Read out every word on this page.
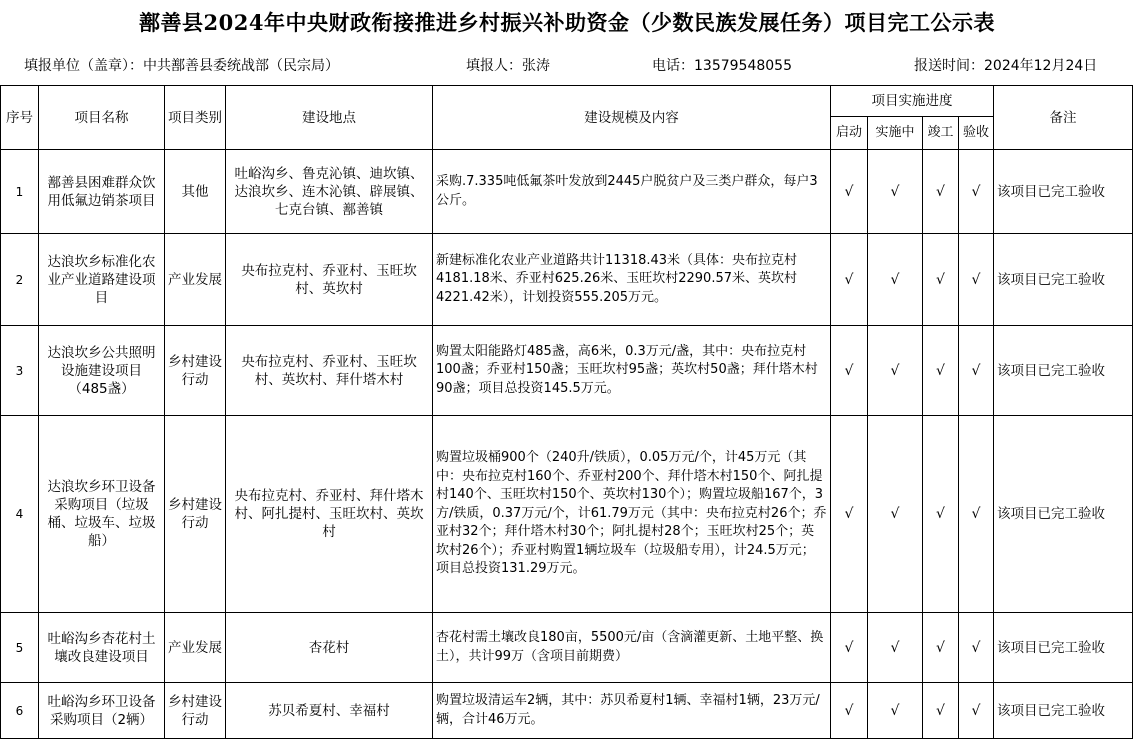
鄯善县2024年中央财政衔接推进乡村振兴补助资金（少数民族发展任务）项目完工公示表
填报单位（盖章）：中共鄯善县委统战部（民宗局）	填报人：张涛	电话：13579548055	报送时间：2024年12月24日
序号	项目名称	项目类别	建设地点	建设规模及内容	项目实施进度				备注
					启动	实施中	竣工	验收	
1	鄯善县困难群众饮用低氟边销茶项目	其他	吐峪沟乡、鲁克沁镇、迪坎镇、达浪坎乡、连木沁镇、辟展镇、七克台镇、鄯善镇	采购.7.335吨低氟茶叶发放到2445户脱贫户及三类户群众，每户3公斤。	√	√	√	√	该项目已完工验收
2	达浪坎乡标准化农业产业道路建设项目	产业发展	央布拉克村、乔亚村、玉旺坎村、英坎村	新建标准化农业产业道路共计11318.43米（具体：央布拉克村4181.18米、乔亚村625.26米、玉旺坎村2290.57米、英坎村4221.42米），计划投资555.205万元。	√	√	√	√	该项目已完工验收
3	达浪坎乡公共照明设施建设项目（485盏）	乡村建设行动	央布拉克村、乔亚村、玉旺坎村、英坎村、拜什塔木村	购置太阳能路灯485盏，高6米，0.3万元/盏，其中：央布拉克村100盏；乔亚村150盏；玉旺坎村95盏；英坎村50盏；拜什塔木村90盏；项目总投资145.5万元。	√	√	√	√	该项目已完工验收
4	达浪坎乡环卫设备采购项目（垃圾桶、垃圾车、垃圾船）	乡村建设行动	央布拉克村、乔亚村、拜什塔木村、阿扎提村、玉旺坎村、英坎村	购置垃圾桶900个（240升/铁质），0.05万元/个，计45万元（其中：央布拉克村160个、乔亚村200个、拜什塔木村150个、阿扎提村140个、玉旺坎村150个、英坎村130个）；购置垃圾船167个，3方/铁质，0.37万元/个，计61.79万元（其中：央布拉克村26个；乔亚村32个；拜什塔木村30个；阿扎提村28个；玉旺坎村25个；英坎村26个）；乔亚村购置1辆垃圾车（垃圾船专用），计24.5万元；项目总投资131.29万元。	√	√	√	√	该项目已完工验收
5	吐峪沟乡杏花村土壤改良建设项目	产业发展	杏花村	杏花村需土壤改良180亩，5500元/亩（含滴灌更新、土地平整、换土），共计99万（含项目前期费）	√	√	√	√	该项目已完工验收
6	吐峪沟乡环卫设备采购项目（2辆）	乡村建设行动	苏贝希夏村、幸福村	购置垃圾清运车2辆，其中：苏贝希夏村1辆、幸福村1辆，23万元/辆，合计46万元。	√	√	√	√	该项目已完工验收
